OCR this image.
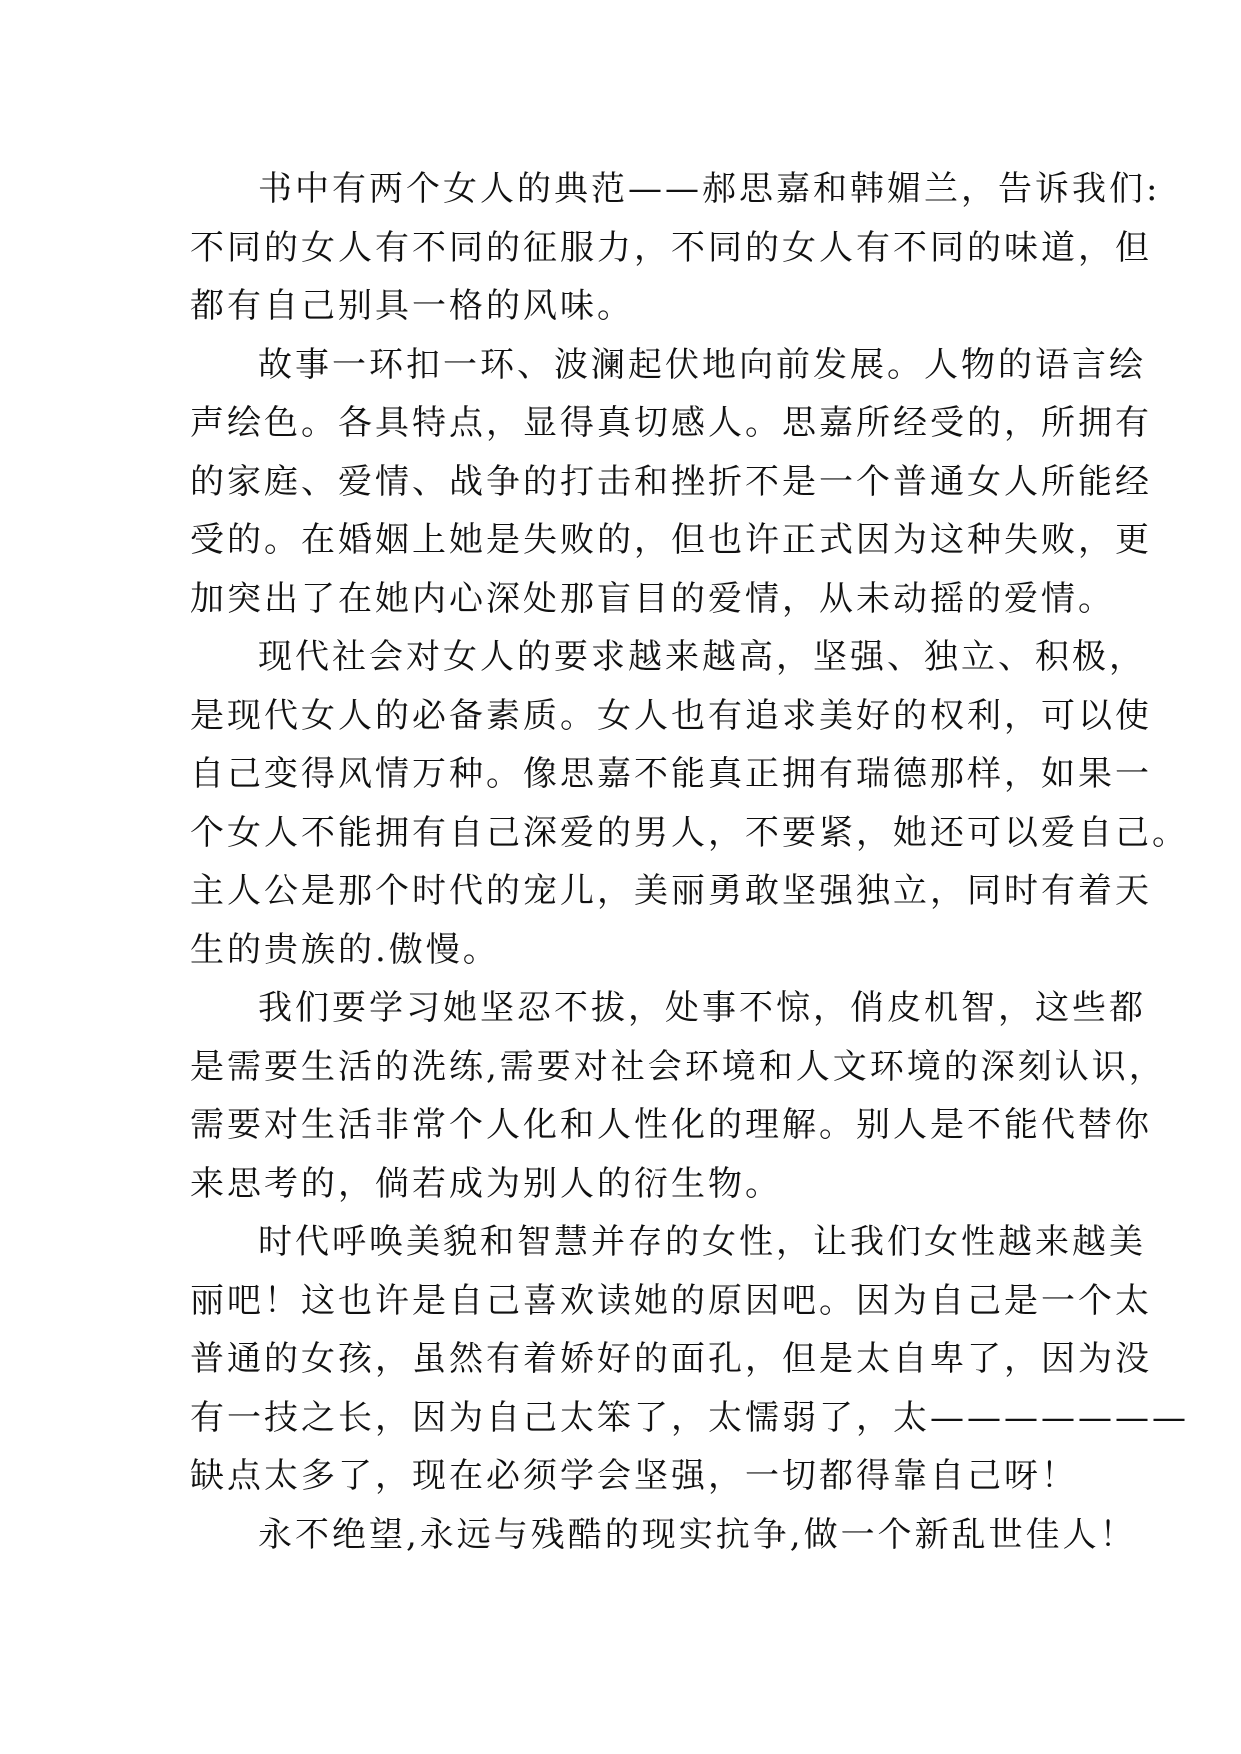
书中有两个女人的典范——郝思嘉和韩媚兰，告诉我们:
不同的女人有不同的征服力，不同的女人有不同的味道，但
都有自己别具一格的风味。

故事一环扣一环、波澜起伏地向前发展。人物的语言绘
声绘色。各具特点，显得真切感人。思嘉所经受的，所拥有
的家庭、爱情、战争的打击和挫折不是一个普通女人所能经
受的。在婚姻上她是失败的，但也许正式因为这种失败，更
加突出了在她内心深处那盲目的爱情，从未动摇的爱情。

现代社会对女人的要求越来越高，坚强、独立、积极，
是现代女人的必备素质。女人也有追求美好的权利，可以使
自己变得风情万种。像思嘉不能真正拥有瑞德那样，如果一
个女人不能拥有自己深爱的男人，不要紧，她还可以爱自己。
主人公是那个时代的宠儿，美丽勇敢坚强独立，同时有着天
生的贵族的.傲慢。

我们要学习她坚忍不拔，处事不惊，俏皮机智，这些都
是需要生活的洗练,需要对社会环境和人文环境的深刻认识，
需要对生活非常个人化和人性化的理解。别人是不能代替你
来思考的，倘若成为别人的衍生物。

时代呼唤美貌和智慧并存的女性，让我们女性越来越美
丽吧！这也许是自己喜欢读她的原因吧。因为自己是一个太
普通的女孩，虽然有着娇好的面孔，但是太自卑了，因为没
有一技之长，因为自己太笨了，太懦弱了，太———————
缺点太多了，现在必须学会坚强，一切都得靠自己呀！

永不绝望,永远与残酷的现实抗争,做一个新乱世佳人！
